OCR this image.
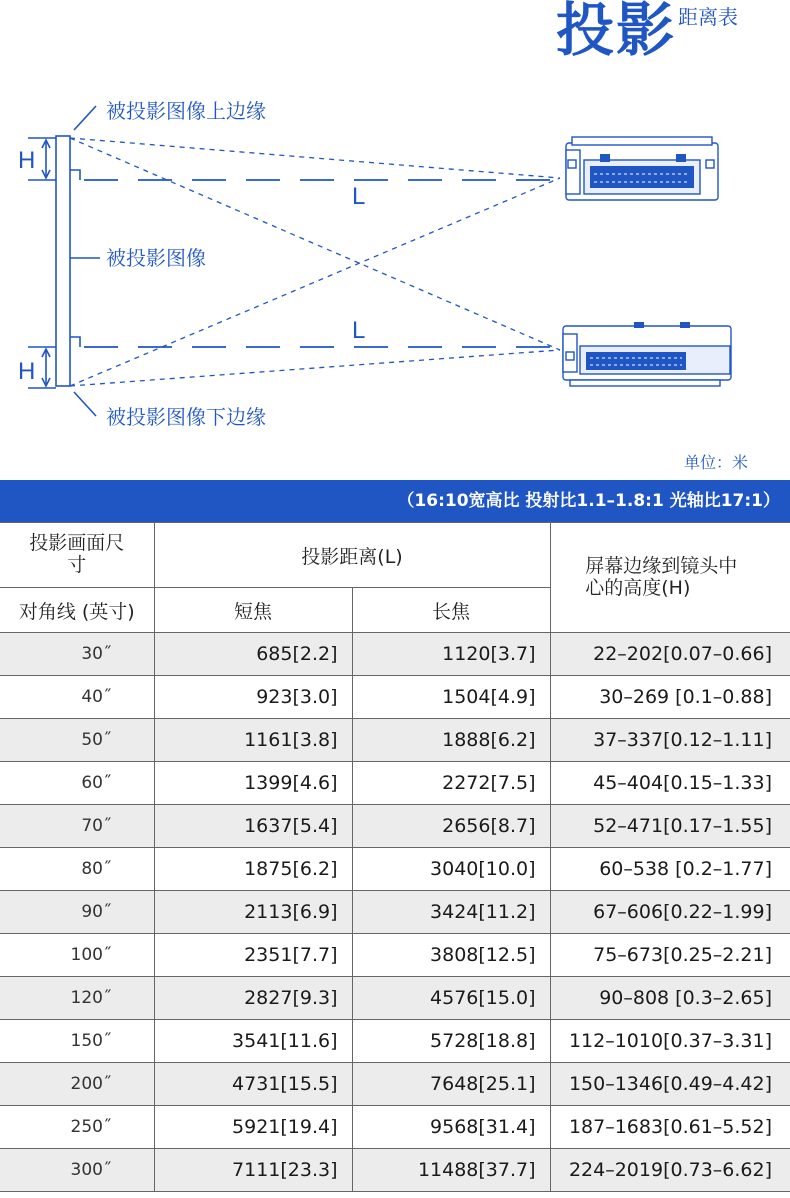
投影 距离表
H
H
L
L
被投影图像上边缘
被投影图像
被投影图像下边缘
单位：米
（16:10宽高比 投射比1.1–1.8:1 光轴比17:1）
投影画面尺寸	投影距离(L)		屏幕边缘到镜头中心的高度(H)
对角线 (英寸)	短焦	长焦	
30˝	685[2.2]	1120[3.7]	22–202[0.07–0.66]
40˝	923[3.0]	1504[4.9]	30–269 [0.1–0.88]
50˝	1161[3.8]	1888[6.2]	37–337[0.12–1.11]
60˝	1399[4.6]	2272[7.5]	45–404[0.15–1.33]
70˝	1637[5.4]	2656[8.7]	52–471[0.17–1.55]
80˝	1875[6.2]	3040[10.0]	60–538 [0.2–1.77]
90˝	2113[6.9]	3424[11.2]	67–606[0.22–1.99]
100˝	2351[7.7]	3808[12.5]	75–673[0.25–2.21]
120˝	2827[9.3]	4576[15.0]	90–808 [0.3–2.65]
150˝	3541[11.6]	5728[18.8]	112–1010[0.37–3.31]
200˝	4731[15.5]	7648[25.1]	150–1346[0.49–4.42]
250˝	5921[19.4]	9568[31.4]	187–1683[0.61–5.52]
300˝	7111[23.3]	11488[37.7]	224–2019[0.73–6.62]
